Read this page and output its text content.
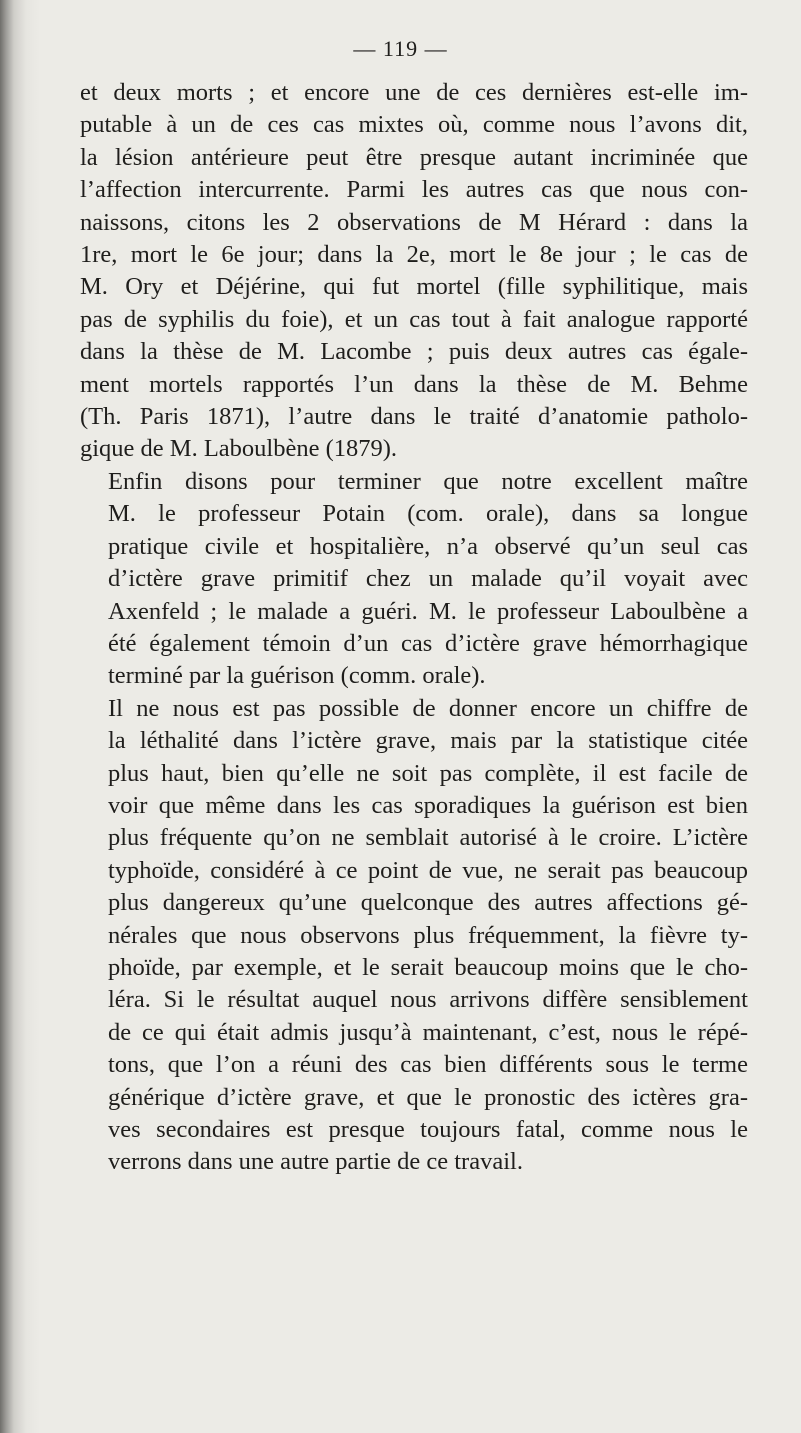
— 119 —

et deux morts ; et encore une de ces dernières est-elle im-
putable à un de ces cas mixtes où, comme nous l’avons dit,
la lésion antérieure peut être presque autant incriminée que
l’affection intercurrente. Parmi les autres cas que nous con-
naissons, citons les 2 observations de M Hérard : dans la
1re, mort le 6e jour; dans la 2e, mort le 8e jour ; le cas de
M. Ory et Déjérine, qui fut mortel (fille syphilitique, mais
pas de syphilis du foie), et un cas tout à fait analogue rapporté
dans la thèse de M. Lacombe ; puis deux autres cas égale-
ment mortels rapportés l’un dans la thèse de M. Behme
(Th. Paris 1871), l’autre dans le traité d’anatomie patholo-
gique de M. Laboulbène (1879).

Enfin disons pour terminer que notre excellent maître
M. le professeur Potain (com. orale), dans sa longue
pratique civile et hospitalière, n’a observé qu’un seul cas
d’ictère grave primitif chez un malade qu’il voyait avec
Axenfeld ; le malade a guéri. M. le professeur Laboulbène a
été également témoin d’un cas d’ictère grave hémorrhagique
terminé par la guérison (comm. orale).

Il ne nous est pas possible de donner encore un chiffre de
la léthalité dans l’ictère grave, mais par la statistique citée
plus haut, bien qu’elle ne soit pas complète, il est facile de
voir que même dans les cas sporadiques la guérison est bien
plus fréquente qu’on ne semblait autorisé à le croire. L’ictère
typhoïde, considéré à ce point de vue, ne serait pas beaucoup
plus dangereux qu’une quelconque des autres affections gé-
nérales que nous observons plus fréquemment, la fièvre ty-
phoïde, par exemple, et le serait beaucoup moins que le cho-
léra. Si le résultat auquel nous arrivons diffère sensiblement
de ce qui était admis jusqu’à maintenant, c’est, nous le répé-
tons, que l’on a réuni des cas bien différents sous le terme
générique d’ictère grave, et que le pronostic des ictères gra-
ves secondaires est presque toujours fatal, comme nous le
verrons dans une autre partie de ce travail.
